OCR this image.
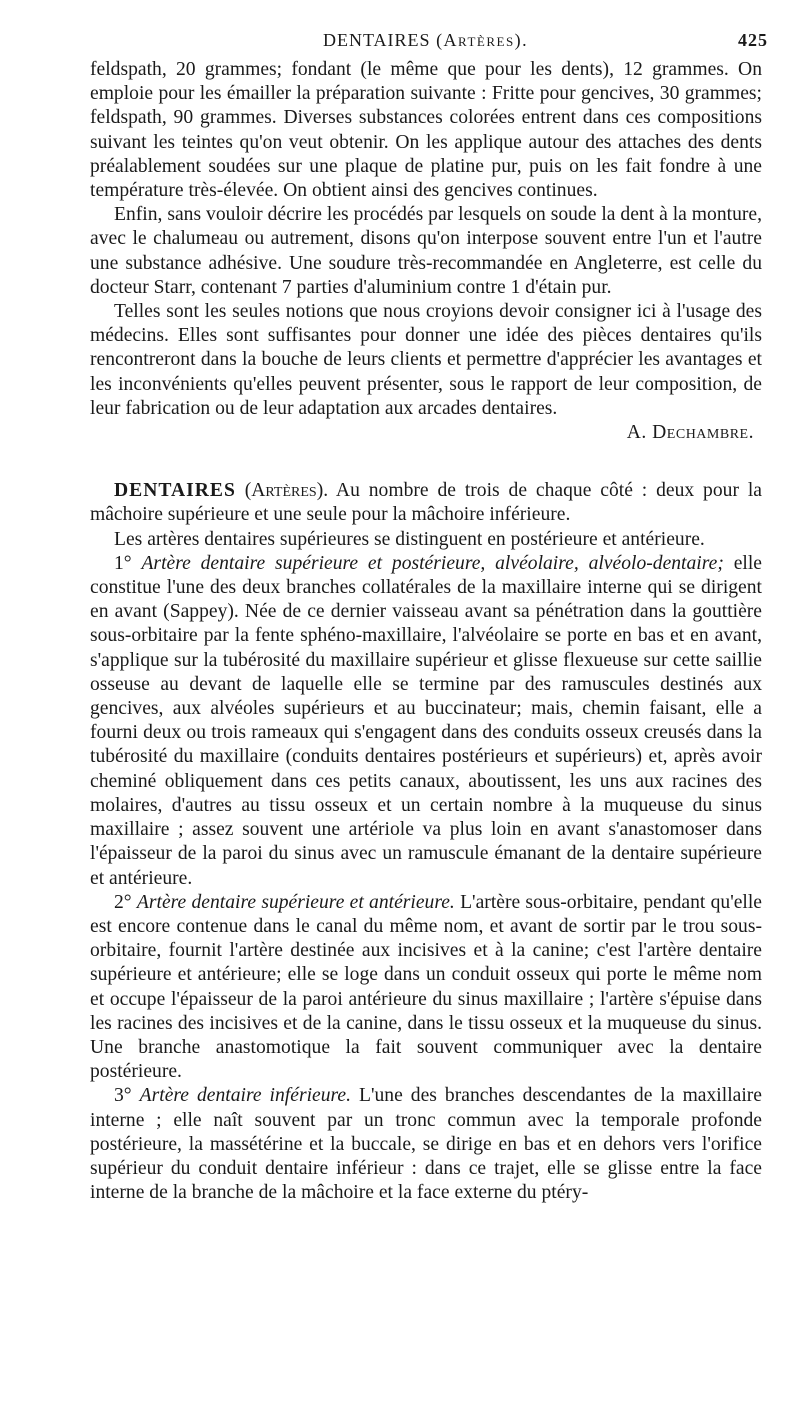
DENTAIRES (Artères).	425

feldspath, 20 grammes; fondant (le même que pour les dents), 12 grammes. On emploie pour les émailler la préparation suivante : Fritte pour gencives, 30 grammes; feldspath, 90 grammes. Diverses substances colorées entrent dans ces compositions suivant les teintes qu'on veut obtenir. On les applique autour des attaches des dents préalablement soudées sur une plaque de platine pur, puis on les fait fondre à une température très-élevée. On obtient ainsi des gencives continues.

Enfin, sans vouloir décrire les procédés par lesquels on soude la dent à la monture, avec le chalumeau ou autrement, disons qu'on interpose souvent entre l'un et l'autre une substance adhésive. Une soudure très-recommandée en Angleterre, est celle du docteur Starr, contenant 7 parties d'aluminium contre 1 d'étain pur.

Telles sont les seules notions que nous croyions devoir consigner ici à l'usage des médecins. Elles sont suffisantes pour donner une idée des pièces dentaires qu'ils rencontreront dans la bouche de leurs clients et permettre d'apprécier les avantages et les inconvénients qu'elles peuvent présenter, sous le rapport de leur composition, de leur fabrication ou de leur adaptation aux arcades dentaires.

A. Dechambre.

DENTAIRES (Artères). Au nombre de trois de chaque côté : deux pour la mâchoire supérieure et une seule pour la mâchoire inférieure.

Les artères dentaires supérieures se distinguent en postérieure et antérieure.

1° Artère dentaire supérieure et postérieure, alvéolaire, alvéolo-dentaire; elle constitue l'une des deux branches collatérales de la maxillaire interne qui se dirigent en avant (Sappey). Née de ce dernier vaisseau avant sa pénétration dans la gouttière sous-orbitaire par la fente sphéno-maxillaire, l'alvéolaire se porte en bas et en avant, s'applique sur la tubérosité du maxillaire supérieur et glisse flexueuse sur cette saillie osseuse au devant de laquelle elle se termine par des ramuscules destinés aux gencives, aux alvéoles supérieurs et au buccinateur; mais, chemin faisant, elle a fourni deux ou trois rameaux qui s'engagent dans des conduits osseux creusés dans la tubérosité du maxillaire (conduits dentaires postérieurs et supérieurs) et, après avoir cheminé obliquement dans ces petits canaux, aboutissent, les uns aux racines des molaires, d'autres au tissu osseux et un certain nombre à la muqueuse du sinus maxillaire ; assez souvent une artériole va plus loin en avant s'anastomoser dans l'épaisseur de la paroi du sinus avec un ramuscule émanant de la dentaire supérieure et antérieure.

2° Artère dentaire supérieure et antérieure. L'artère sous-orbitaire, pendant qu'elle est encore contenue dans le canal du même nom, et avant de sortir par le trou sous-orbitaire, fournit l'artère destinée aux incisives et à la canine; c'est l'artère dentaire supérieure et antérieure; elle se loge dans un conduit osseux qui porte le même nom et occupe l'épaisseur de la paroi antérieure du sinus maxillaire ; l'artère s'épuise dans les racines des incisives et de la canine, dans le tissu osseux et la muqueuse du sinus. Une branche anastomotique la fait souvent communiquer avec la dentaire postérieure.

3° Artère dentaire inférieure. L'une des branches descendantes de la maxillaire interne ; elle naît souvent par un tronc commun avec la temporale profonde postérieure, la massétérine et la buccale, se dirige en bas et en dehors vers l'orifice supérieur du conduit dentaire inférieur : dans ce trajet, elle se glisse entre la face interne de la branche de la mâchoire et la face externe du ptéry-
